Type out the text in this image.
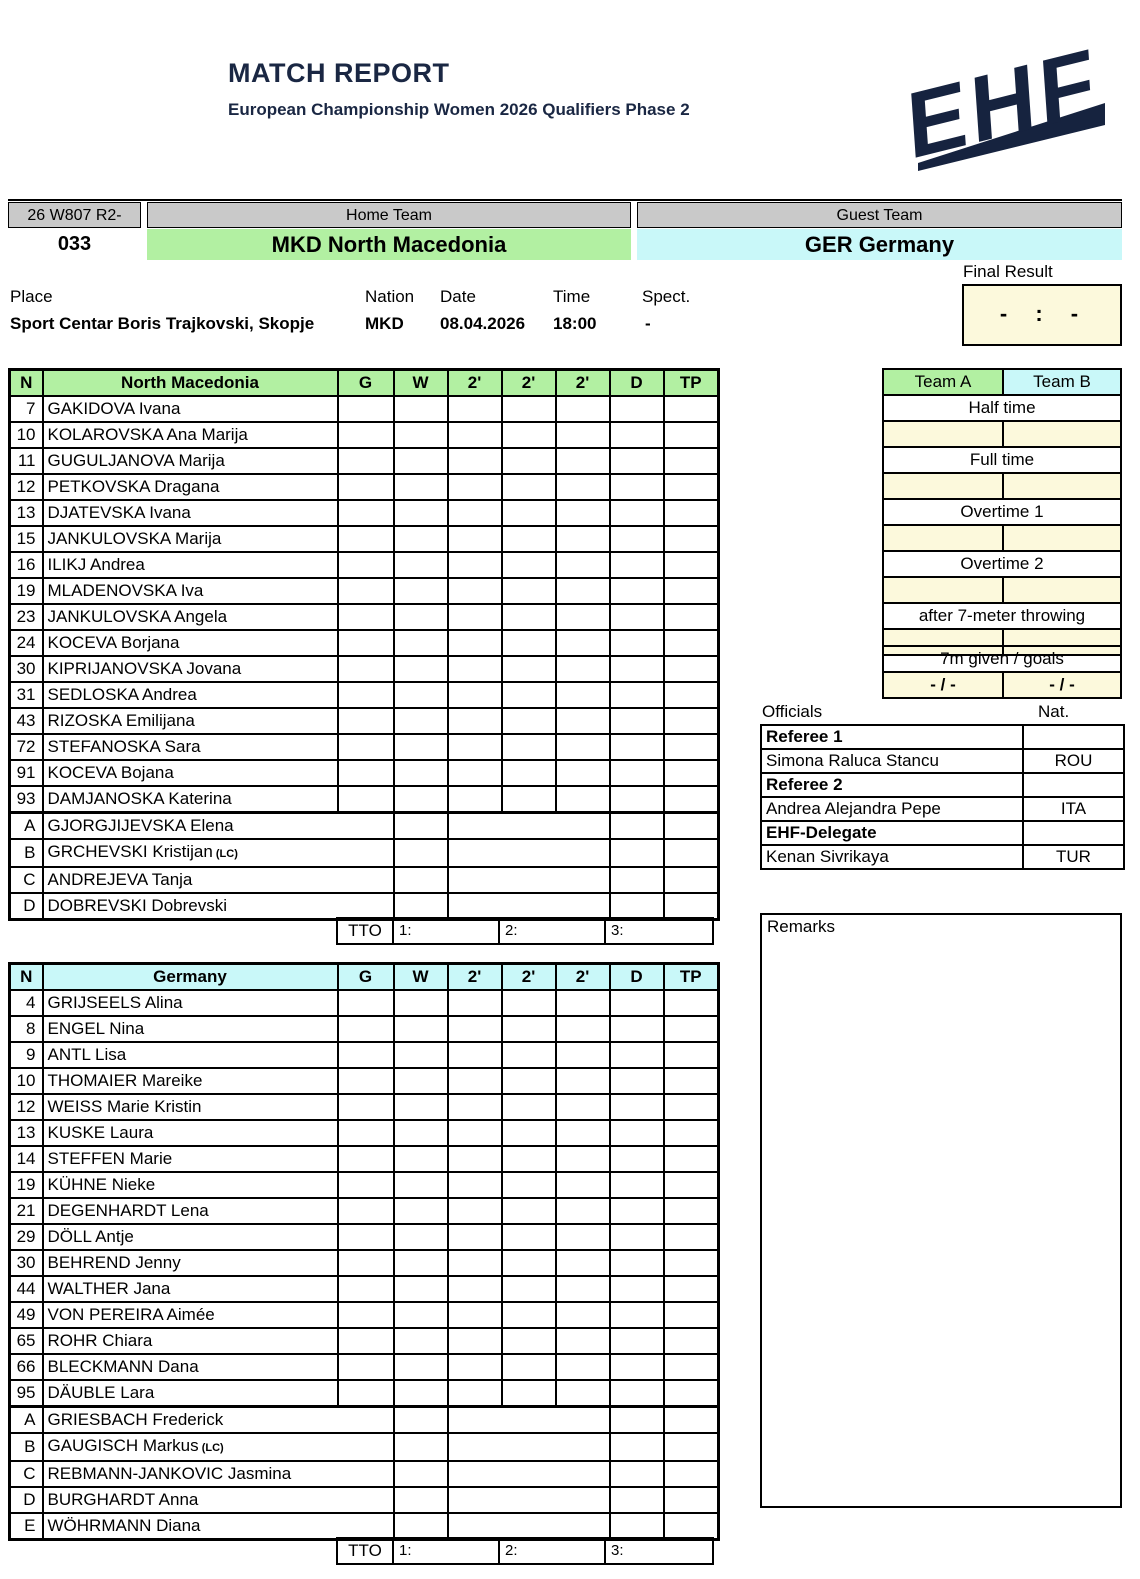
MATCH REPORT
European Championship Women 2026 Qualifiers Phase 2 EHF
26 W807 R2-	Home Team	Guest Team
033	MKD North Macedonia	GER Germany
Final Result
- : -
Place	Nation Date	Time	Spect.
Sport Centar Boris Trajkovski, Skopje	MKD 08.04.2026 18:00	-
N	North Macedonia	G	W	2'	2'	2'	D	TP
7	GAKIDOVA Ivana							
10	KOLAROVSKA Ana Marija							
11	GUGULJANOVA Marija							
12	PETKOVSKA Dragana							
13	DJATEVSKA Ivana							
15	JANKULOVSKA Marija							
16	ILIKJ Andrea							
19	MLADENOVSKA Iva							
23	JANKULOVSKA Angela							
24	KOCEVA Borjana							
30	KIPRIJANOVSKA Jovana							
31	SEDLOSKA Andrea							
43	RIZOSKA Emilijana							
72	STEFANOSKA Sara							
91	KOCEVA Bojana							
93	DAMJANOSKA Katerina							
A	GJORGJIJEVSKA Elena							
B	GRCHEVSKI Kristijan (LC)							
C	ANDREJEVA Tanja							
D	DOBREVSKI Dobrevski							
TTO	1:	2:	3:
N	Germany	G	W	2'	2'	2'	D	TP
4	GRIJSEELS Alina							
8	ENGEL Nina							
9	ANTL Lisa							
10	THOMAIER Mareike							
12	WEISS Marie Kristin							
13	KUSKE Laura							
14	STEFFEN Marie							
19	KÜHNE Nieke							
21	DEGENHARDT Lena							
29	DÖLL Antje							
30	BEHREND Jenny							
44	WALTHER Jana							
49	VON PEREIRA Aimée							
65	ROHR Chiara							
66	BLECKMANN Dana							
95	DÄUBLE Lara							
A	GRIESBACH Frederick							
B	GAUGISCH Markus (LC)							
C	REBMANN-JANKOVIC Jasmina							
D	BURGHARDT Anna							
E	WÖHRMANN Diana							
TTO	1:	2:	3:
Team A	Team B
Half time	

Full time	

Overtime 1	

Overtime 2	

after 7-meter throwing	

7m given / goals
- / -	- / -
Officials	Nat.
Referee 1	
Simona Raluca Stancu	ROU
Referee 2	
Andrea Alejandra Pepe	ITA
EHF-Delegate	
Kenan Sivrikaya	TUR
Remarks
